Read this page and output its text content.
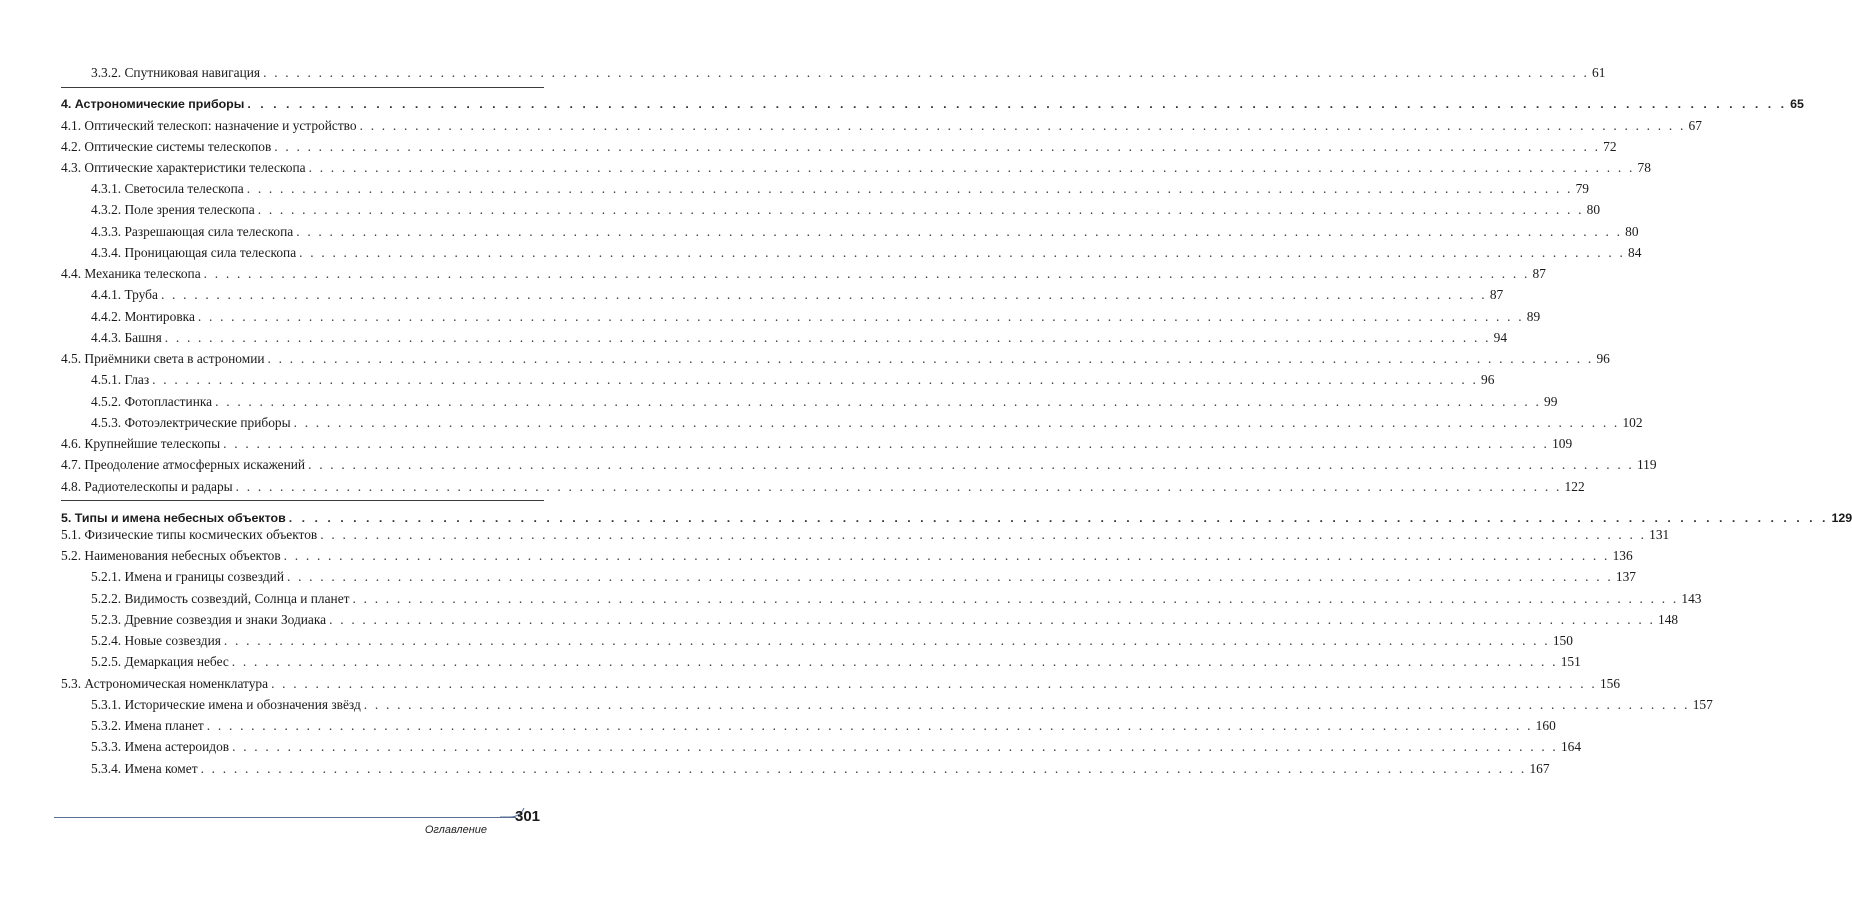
3.3.2. Спутниковая навигация . . . . . . . . . . . . . . . . . . . . . . . . . . . . . . . . . . . . . . . . . . . . . . . . . . . . . . . . . . . . . . . . . . . . . . . . . . . . . . . . . . . . . . . . . . . . . . . . . . . . . . . . . . . . . . . . . . . . . . . . 61
4. Астрономические приборы . . . . . . . . . . . . . . . . . . . . . . . . . . . . . . . . . . . . . . . . . . . . . . . . . . . . . . . . . . . . . . . . . . . . . . . . . . . . . . . . . . . . . . . . . . . . . . . . . . . . . . . . . . . . . . . . . . . . . . . . 65
4.1. Оптический телескоп: назначение и устройство . . . . . . . . . . . . . . . . . . . . . . . . . . . . . . . . . . . . . . . . . . . . . . . . . . . . . . . . . . . . . . . . . . . . . . . . . . . . . . . . . . . . . . . . . . . . . . . . . . . . . . . . . . . . . . . . . . . . . . . . 67
4.2. Оптические системы телескопов . . . . . . . . . . . . . . . . . . . . . . . . . . . . . . . . . . . . . . . . . . . . . . . . . . . . . . . . . . . . . . . . . . . . . . . . . . . . . . . . . . . . . . . . . . . . . . . . . . . . . . . . . . . . . . . . . . . . . . . . 72
4.3. Оптические характеристики телескопа . . . . . . . . . . . . . . . . . . . . . . . . . . . . . . . . . . . . . . . . . . . . . . . . . . . . . . . . . . . . . . . . . . . . . . . . . . . . . . . . . . . . . . . . . . . . . . . . . . . . . . . . . . . . . . . . . . . . . . . . 78
4.3.1. Светосила телескопа . . . . . . . . . . . . . . . . . . . . . . . . . . . . . . . . . . . . . . . . . . . . . . . . . . . . . . . . . . . . . . . . . . . . . . . . . . . . . . . . . . . . . . . . . . . . . . . . . . . . . . . . . . . . . . . . . . . . . . . . 79
4.3.2. Поле зрения телескопа . . . . . . . . . . . . . . . . . . . . . . . . . . . . . . . . . . . . . . . . . . . . . . . . . . . . . . . . . . . . . . . . . . . . . . . . . . . . . . . . . . . . . . . . . . . . . . . . . . . . . . . . . . . . . . . . . . . . . . . . 80
4.3.3. Разрешающая сила телескопа . . . . . . . . . . . . . . . . . . . . . . . . . . . . . . . . . . . . . . . . . . . . . . . . . . . . . . . . . . . . . . . . . . . . . . . . . . . . . . . . . . . . . . . . . . . . . . . . . . . . . . . . . . . . . . . . . . . . . . . . 80
4.3.4. Проницающая сила телескопа . . . . . . . . . . . . . . . . . . . . . . . . . . . . . . . . . . . . . . . . . . . . . . . . . . . . . . . . . . . . . . . . . . . . . . . . . . . . . . . . . . . . . . . . . . . . . . . . . . . . . . . . . . . . . . . . . . . . . . . . 84
4.4. Механика телескопа . . . . . . . . . . . . . . . . . . . . . . . . . . . . . . . . . . . . . . . . . . . . . . . . . . . . . . . . . . . . . . . . . . . . . . . . . . . . . . . . . . . . . . . . . . . . . . . . . . . . . . . . . . . . . . . . . . . . . . . . 87
4.4.1. Труба . . . . . . . . . . . . . . . . . . . . . . . . . . . . . . . . . . . . . . . . . . . . . . . . . . . . . . . . . . . . . . . . . . . . . . . . . . . . . . . . . . . . . . . . . . . . . . . . . . . . . . . . . . . . . . . . . . . . . . . . 87
4.4.2. Монтировка . . . . . . . . . . . . . . . . . . . . . . . . . . . . . . . . . . . . . . . . . . . . . . . . . . . . . . . . . . . . . . . . . . . . . . . . . . . . . . . . . . . . . . . . . . . . . . . . . . . . . . . . . . . . . . . . . . . . . . . . 89
4.4.3. Башня . . . . . . . . . . . . . . . . . . . . . . . . . . . . . . . . . . . . . . . . . . . . . . . . . . . . . . . . . . . . . . . . . . . . . . . . . . . . . . . . . . . . . . . . . . . . . . . . . . . . . . . . . . . . . . . . . . . . . . . . 94
4.5. Приёмники света в астрономии . . . . . . . . . . . . . . . . . . . . . . . . . . . . . . . . . . . . . . . . . . . . . . . . . . . . . . . . . . . . . . . . . . . . . . . . . . . . . . . . . . . . . . . . . . . . . . . . . . . . . . . . . . . . . . . . . . . . . . . . 96
4.5.1. Глаз . . . . . . . . . . . . . . . . . . . . . . . . . . . . . . . . . . . . . . . . . . . . . . . . . . . . . . . . . . . . . . . . . . . . . . . . . . . . . . . . . . . . . . . . . . . . . . . . . . . . . . . . . . . . . . . . . . . . . . . . 96
4.5.2. Фотопластинка . . . . . . . . . . . . . . . . . . . . . . . . . . . . . . . . . . . . . . . . . . . . . . . . . . . . . . . . . . . . . . . . . . . . . . . . . . . . . . . . . . . . . . . . . . . . . . . . . . . . . . . . . . . . . . . . . . . . . . . . 99
4.5.3. Фотоэлектрические приборы . . . . . . . . . . . . . . . . . . . . . . . . . . . . . . . . . . . . . . . . . . . . . . . . . . . . . . . . . . . . . . . . . . . . . . . . . . . . . . . . . . . . . . . . . . . . . . . . . . . . . . . . . . . . . . . . . . . . . . . . 102
4.6. Крупнейшие телескопы . . . . . . . . . . . . . . . . . . . . . . . . . . . . . . . . . . . . . . . . . . . . . . . . . . . . . . . . . . . . . . . . . . . . . . . . . . . . . . . . . . . . . . . . . . . . . . . . . . . . . . . . . . . . . . . . . . . . . . . . 109
4.7. Преодоление атмосферных искажений . . . . . . . . . . . . . . . . . . . . . . . . . . . . . . . . . . . . . . . . . . . . . . . . . . . . . . . . . . . . . . . . . . . . . . . . . . . . . . . . . . . . . . . . . . . . . . . . . . . . . . . . . . . . . . . . . . . . . . . . 119
4.8. Радиотелескопы и радары . . . . . . . . . . . . . . . . . . . . . . . . . . . . . . . . . . . . . . . . . . . . . . . . . . . . . . . . . . . . . . . . . . . . . . . . . . . . . . . . . . . . . . . . . . . . . . . . . . . . . . . . . . . . . . . . . . . . . . . . 122
5. Типы и имена небесных объектов . . . . . . . . . . . . . . . . . . . . . . . . . . . . . . . . . . . . . . . . . . . . . . . . . . . . . . . . . . . . . . . . . . . . . . . . . . . . . . . . . . . . . . . . . . . . . . . . . . . . . . . . . . . . . . . . . . . . . . . . 129
5.1. Физические типы космических объектов . . . . . . . . . . . . . . . . . . . . . . . . . . . . . . . . . . . . . . . . . . . . . . . . . . . . . . . . . . . . . . . . . . . . . . . . . . . . . . . . . . . . . . . . . . . . . . . . . . . . . . . . . . . . . . . . . . . . . . . . 131
5.2. Наименования небесных объектов . . . . . . . . . . . . . . . . . . . . . . . . . . . . . . . . . . . . . . . . . . . . . . . . . . . . . . . . . . . . . . . . . . . . . . . . . . . . . . . . . . . . . . . . . . . . . . . . . . . . . . . . . . . . . . . . . . . . . . . . 136
5.2.1. Имена и границы созвездий . . . . . . . . . . . . . . . . . . . . . . . . . . . . . . . . . . . . . . . . . . . . . . . . . . . . . . . . . . . . . . . . . . . . . . . . . . . . . . . . . . . . . . . . . . . . . . . . . . . . . . . . . . . . . . . . . . . . . . . . 137
5.2.2. Видимость созвездий, Солнца и планет . . . . . . . . . . . . . . . . . . . . . . . . . . . . . . . . . . . . . . . . . . . . . . . . . . . . . . . . . . . . . . . . . . . . . . . . . . . . . . . . . . . . . . . . . . . . . . . . . . . . . . . . . . . . . . . . . . . . . . . . 143
5.2.3. Древние созвездия и знаки Зодиака . . . . . . . . . . . . . . . . . . . . . . . . . . . . . . . . . . . . . . . . . . . . . . . . . . . . . . . . . . . . . . . . . . . . . . . . . . . . . . . . . . . . . . . . . . . . . . . . . . . . . . . . . . . . . . . . . . . . . . . . 148
5.2.4. Новые созвездия . . . . . . . . . . . . . . . . . . . . . . . . . . . . . . . . . . . . . . . . . . . . . . . . . . . . . . . . . . . . . . . . . . . . . . . . . . . . . . . . . . . . . . . . . . . . . . . . . . . . . . . . . . . . . . . . . . . . . . . . 150
5.2.5. Демаркация небес . . . . . . . . . . . . . . . . . . . . . . . . . . . . . . . . . . . . . . . . . . . . . . . . . . . . . . . . . . . . . . . . . . . . . . . . . . . . . . . . . . . . . . . . . . . . . . . . . . . . . . . . . . . . . . . . . . . . . . . . 151
5.3. Астрономическая номенклатура . . . . . . . . . . . . . . . . . . . . . . . . . . . . . . . . . . . . . . . . . . . . . . . . . . . . . . . . . . . . . . . . . . . . . . . . . . . . . . . . . . . . . . . . . . . . . . . . . . . . . . . . . . . . . . . . . . . . . . . . 156
5.3.1. Исторические имена и обозначения звёзд . . . . . . . . . . . . . . . . . . . . . . . . . . . . . . . . . . . . . . . . . . . . . . . . . . . . . . . . . . . . . . . . . . . . . . . . . . . . . . . . . . . . . . . . . . . . . . . . . . . . . . . . . . . . . . . . . . . . . . . . 157
5.3.2. Имена планет . . . . . . . . . . . . . . . . . . . . . . . . . . . . . . . . . . . . . . . . . . . . . . . . . . . . . . . . . . . . . . . . . . . . . . . . . . . . . . . . . . . . . . . . . . . . . . . . . . . . . . . . . . . . . . . . . . . . . . . . 160
5.3.3. Имена астероидов . . . . . . . . . . . . . . . . . . . . . . . . . . . . . . . . . . . . . . . . . . . . . . . . . . . . . . . . . . . . . . . . . . . . . . . . . . . . . . . . . . . . . . . . . . . . . . . . . . . . . . . . . . . . . . . . . . . . . . . . 164
5.3.4. Имена комет . . . . . . . . . . . . . . . . . . . . . . . . . . . . . . . . . . . . . . . . . . . . . . . . . . . . . . . . . . . . . . . . . . . . . . . . . . . . . . . . . . . . . . . . . . . . . . . . . . . . . . . . . . . . . . . . . . . . . . . . 167
Оглавление
301
